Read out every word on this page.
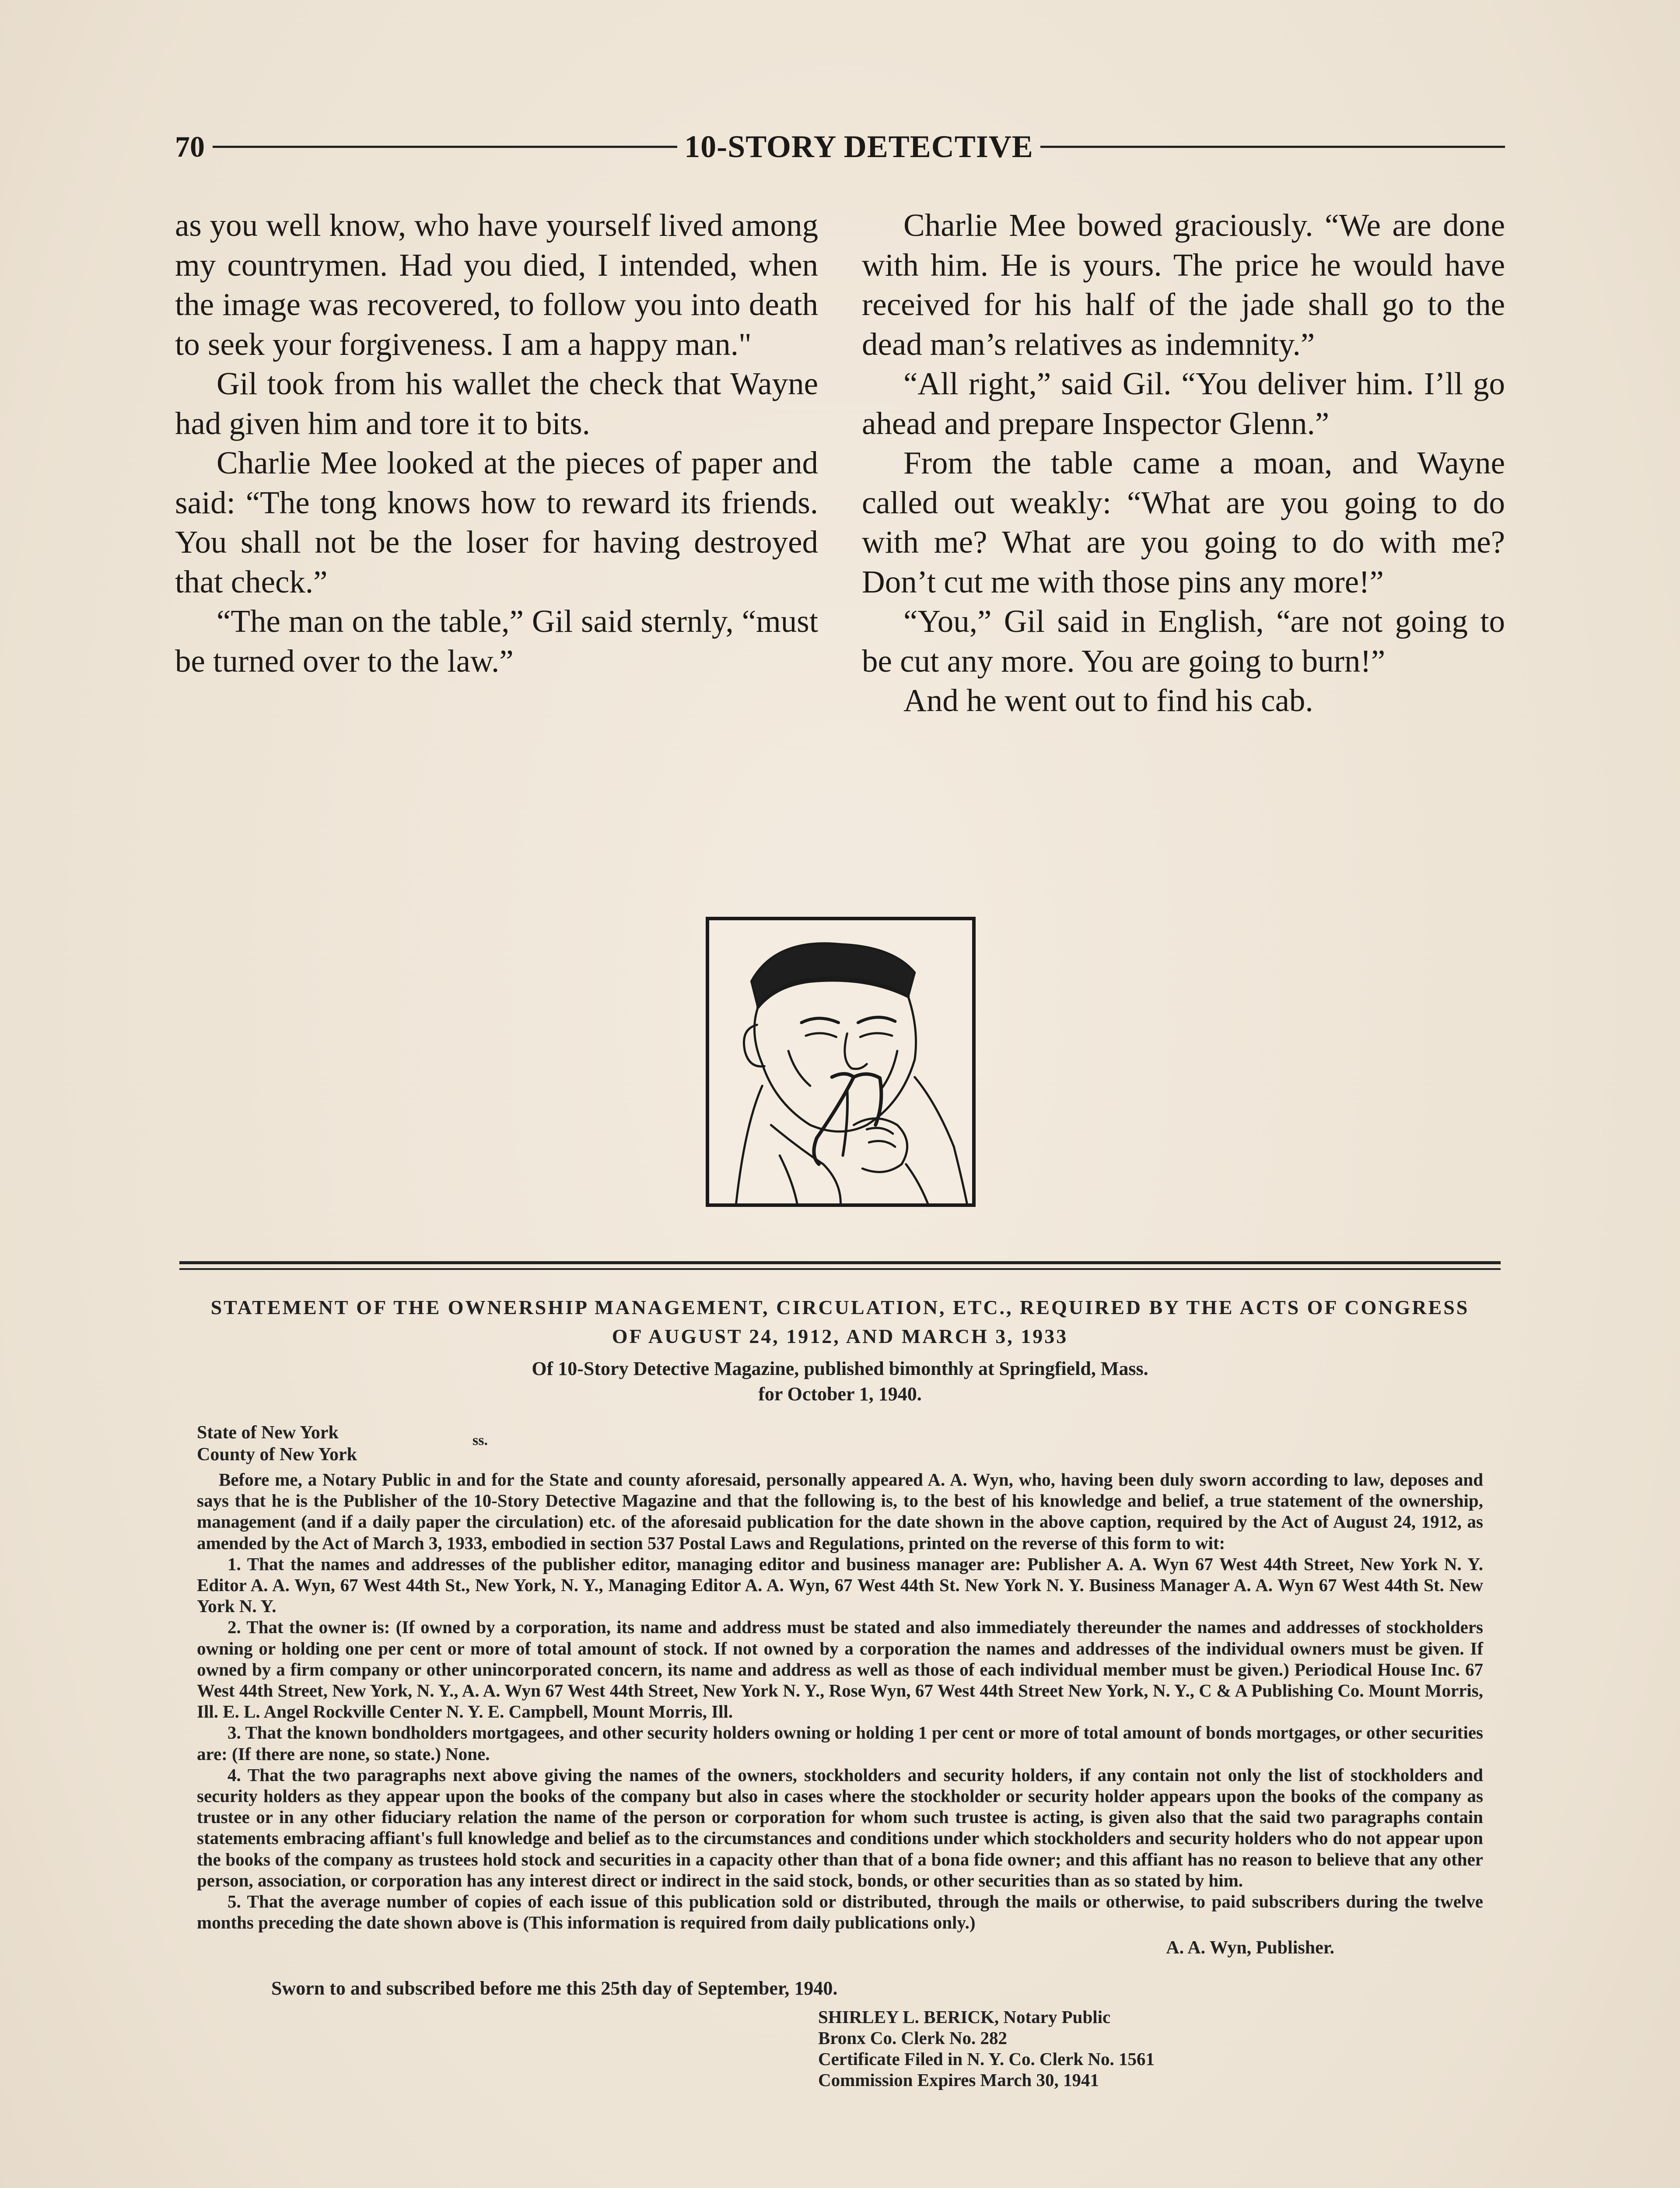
70	10-STORY DETECTIVE

as you well know, who have yourself lived among my countrymen. Had you died, I intended, when the image was recovered, to follow you into death to seek your forgiveness. I am a happy man."

Gil took from his wallet the check that Wayne had given him and tore it to bits.

Charlie Mee looked at the pieces of paper and said: “The tong knows how to reward its friends. You shall not be the loser for having destroyed that check.”

“The man on the table,” Gil said sternly, “must be turned over to the law.”

Charlie Mee bowed graciously. “We are done with him. He is yours. The price he would have received for his half of the jade shall go to the dead man’s relatives as indemnity.”

“All right,” said Gil. “You deliver him. I’ll go ahead and prepare Inspector Glenn.”

From the table came a moan, and Wayne called out weakly: “What are you going to do with me? What are you going to do with me? Don’t cut me with those pins any more!”

“You,” Gil said in English, “are not going to be cut any more. You are going to burn!”

And he went out to find his cab.

STATEMENT OF THE OWNERSHIP MANAGEMENT, CIRCULATION, ETC., REQUIRED BY THE ACTS OF CONGRESS OF AUGUST 24, 1912, AND MARCH 3, 1933
Of 10-Story Detective Magazine, published bimonthly at Springfield, Mass.
for October 1, 1940.
State of New York
County of New York
ss.

Before me, a Notary Public in and for the State and county aforesaid, personally appeared A. A. Wyn, who, having been duly sworn according to law, deposes and says that he is the Publisher of the 10-Story Detective Magazine and that the following is, to the best of his knowledge and belief, a true statement of the ownership, management (and if a daily paper the circulation) etc. of the aforesaid publication for the date shown in the above caption, required by the Act of August 24, 1912, as amended by the Act of March 3, 1933, embodied in section 537 Postal Laws and Regulations, printed on the reverse of this form to wit:

1. That the names and addresses of the publisher editor, managing editor and business manager are: Publisher A. A. Wyn 67 West 44th Street, New York N. Y. Editor A. A. Wyn, 67 West 44th St., New York, N. Y., Managing Editor A. A. Wyn, 67 West 44th St. New York N. Y. Business Manager A. A. Wyn 67 West 44th St. New York N. Y.

2. That the owner is: (If owned by a corporation, its name and address must be stated and also immediately thereunder the names and addresses of stockholders owning or holding one per cent or more of total amount of stock. If not owned by a corporation the names and addresses of the individual owners must be given. If owned by a firm company or other unincorporated concern, its name and address as well as those of each individual member must be given.) Periodical House Inc. 67 West 44th Street, New York, N. Y., A. A. Wyn 67 West 44th Street, New York N. Y., Rose Wyn, 67 West 44th Street New York, N. Y., C & A Publishing Co. Mount Morris, Ill. E. L. Angel Rockville Center N. Y. E. Campbell, Mount Morris, Ill.

3. That the known bondholders mortgagees, and other security holders owning or holding 1 per cent or more of total amount of bonds mortgages, or other securities are: (If there are none, so state.) None.

4. That the two paragraphs next above giving the names of the owners, stockholders and security holders, if any contain not only the list of stockholders and security holders as they appear upon the books of the company but also in cases where the stockholder or security holder appears upon the books of the company as trustee or in any other fiduciary relation the name of the person or corporation for whom such trustee is acting, is given also that the said two paragraphs contain statements embracing affiant's full knowledge and belief as to the circumstances and conditions under which stockholders and security holders who do not appear upon the books of the company as trustees hold stock and securities in a capacity other than that of a bona fide owner; and this affiant has no reason to believe that any other person, association, or corporation has any interest direct or indirect in the said stock, bonds, or other securities than as so stated by him.

5. That the average number of copies of each issue of this publication sold or distributed, through the mails or otherwise, to paid subscribers during the twelve months preceding the date shown above is (This information is required from daily publications only.)

A. A. Wyn, Publisher.
Sworn to and subscribed before me this 25th day of September, 1940.
SHIRLEY L. BERICK, Notary Public
Bronx Co. Clerk No. 282
Certificate Filed in N. Y. Co. Clerk No. 1561
Commission Expires March 30, 1941
